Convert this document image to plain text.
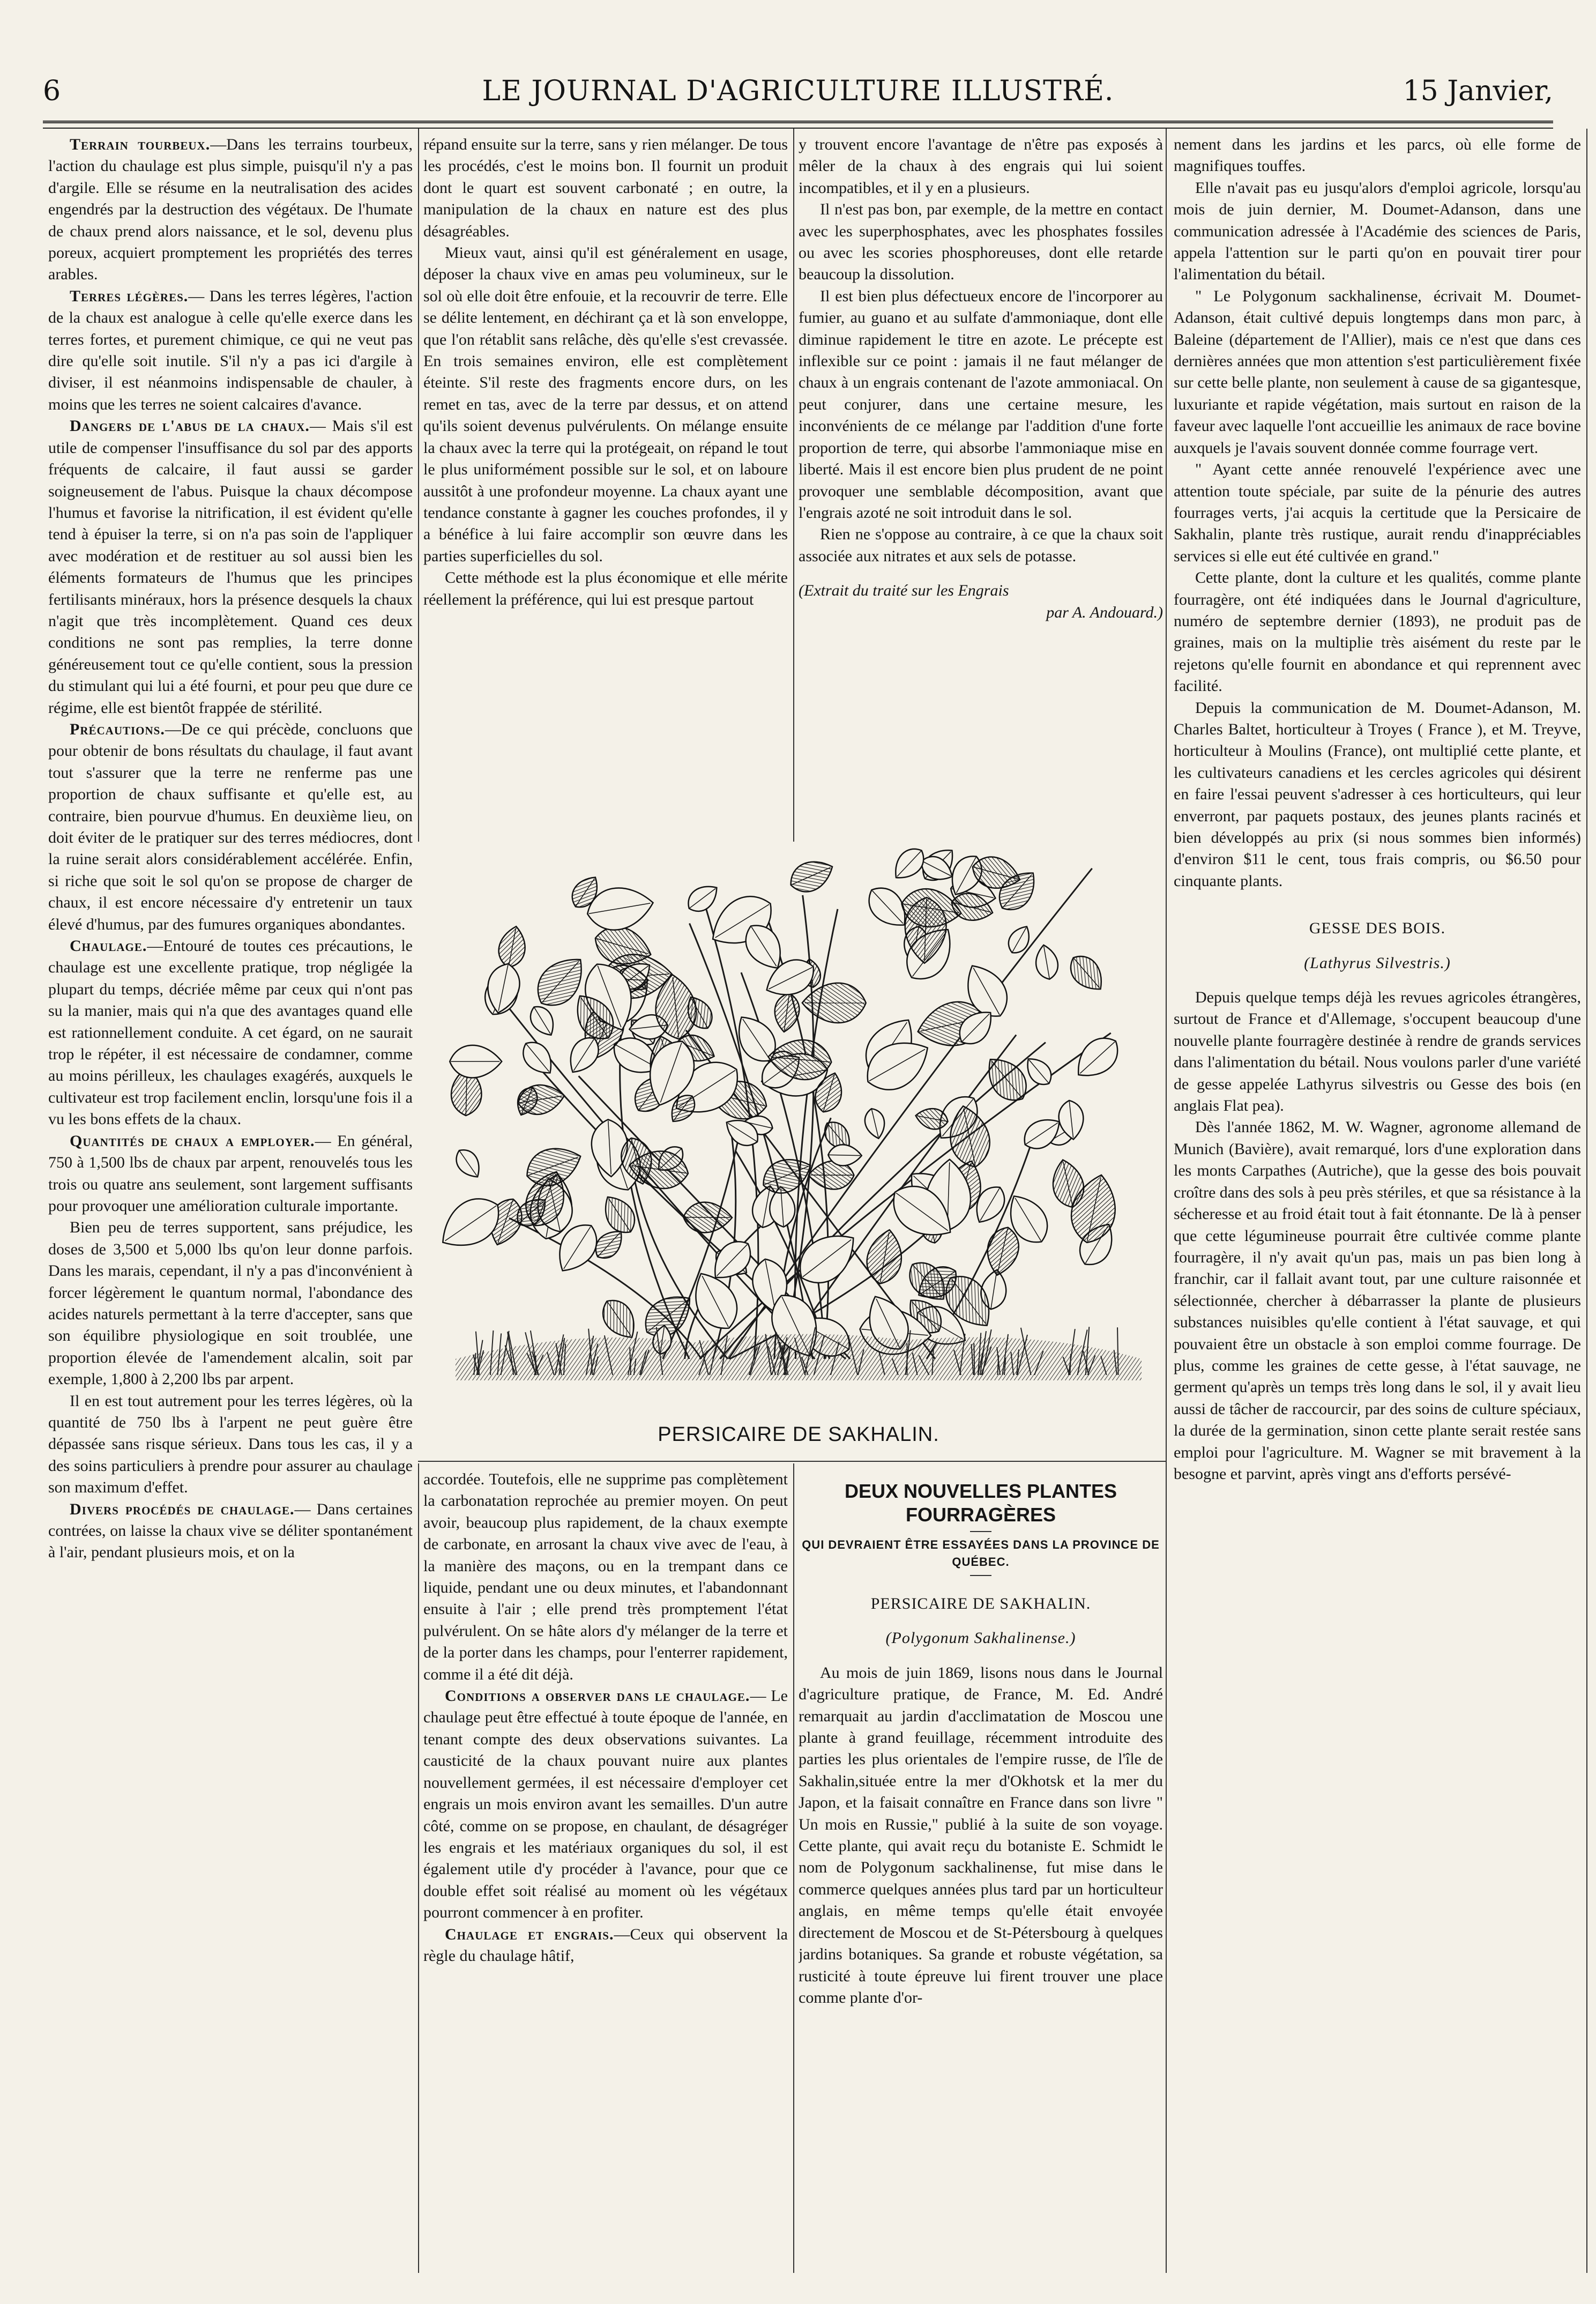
6	LE JOURNAL D'AGRICULTURE ILLUSTRÉ.	15 Janvier,

Terrain tourbeux.—Dans les terrains tourbeux, l'action du chaulage est plus simple, puisqu'il n'y a pas d'argile. Elle se résume en la neutralisation des acides engendrés par la destruction des végétaux. De l'humate de chaux prend alors naissance, et le sol, devenu plus poreux, acquiert promptement les propriétés des terres arables.

Terres légères.— Dans les terres légères, l'action de la chaux est analogue à celle qu'elle exerce dans les terres fortes, et purement chimique, ce qui ne veut pas dire qu'elle soit inutile. S'il n'y a pas ici d'argile à diviser, il est néanmoins indispensable de chauler, à moins que les terres ne soient calcaires d'avance.

Dangers de l'abus de la chaux.— Mais s'il est utile de compenser l'insuffisance du sol par des apports fréquents de calcaire, il faut aussi se garder soigneusement de l'abus. Puisque la chaux décompose l'humus et favorise la nitrification, il est évident qu'elle tend à épuiser la terre, si on n'a pas soin de l'appliquer avec modération et de restituer au sol aussi bien les éléments formateurs de l'humus que les principes fertilisants minéraux, hors la présence desquels la chaux n'agit que très incomplètement. Quand ces deux conditions ne sont pas remplies, la terre donne généreusement tout ce qu'elle contient, sous la pression du stimulant qui lui a été fourni, et pour peu que dure ce régime, elle est bientôt frappée de stérilité.

Précautions.—De ce qui précède, concluons que pour obtenir de bons résultats du chaulage, il faut avant tout s'assurer que la terre ne renferme pas une proportion de chaux suffisante et qu'elle est, au contraire, bien pourvue d'humus. En deuxième lieu, on doit éviter de le pratiquer sur des terres médiocres, dont la ruine serait alors considérablement accélérée. Enfin, si riche que soit le sol qu'on se propose de charger de chaux, il est encore nécessaire d'y entretenir un taux élevé d'humus, par des fumures organiques abondantes.

Chaulage.—Entouré de toutes ces précautions, le chaulage est une excellente pratique, trop négligée la plupart du temps, décriée même par ceux qui n'ont pas su la manier, mais qui n'a que des avantages quand elle est rationnellement conduite. A cet égard, on ne saurait trop le répéter, il est nécessaire de condamner, comme au moins périlleux, les chaulages exagérés, auxquels le cultivateur est trop facilement enclin, lorsqu'une fois il a vu les bons effets de la chaux.

Quantités de chaux a employer.— En général, 750 à 1,500 lbs de chaux par arpent, renouvelés tous les trois ou quatre ans seulement, sont largement suffisants pour provoquer une amélioration culturale importante.

Bien peu de terres supportent, sans préjudice, les doses de 3,500 et 5,000 lbs qu'on leur donne parfois. Dans les marais, cependant, il n'y a pas d'inconvénient à forcer légèrement le quantum normal, l'abondance des acides naturels permettant à la terre d'accepter, sans que son équilibre physiologique en soit troublée, une proportion élevée de l'amendement alcalin, soit par exemple, 1,800 à 2,200 lbs par arpent.

Il en est tout autrement pour les terres légères, où la quantité de 750 lbs à l'arpent ne peut guère être dépassée sans risque sérieux. Dans tous les cas, il y a des soins particuliers à prendre pour assurer au chaulage son maximum d'effet.

Divers procédés de chaulage.— Dans certaines contrées, on laisse la chaux vive se déliter spontanément à l'air, pendant plusieurs mois, et on la

répand ensuite sur la terre, sans y rien mélanger. De tous les procédés, c'est le moins bon. Il fournit un produit dont le quart est souvent carbonaté ; en outre, la manipulation de la chaux en nature est des plus désagréables.

Mieux vaut, ainsi qu'il est généralement en usage, déposer la chaux vive en amas peu volumineux, sur le sol où elle doit être enfouie, et la recouvrir de terre. Elle se délite lentement, en déchirant ça et là son enveloppe, que l'on rétablit sans relâche, dès qu'elle s'est crevassée. En trois semaines environ, elle est complètement éteinte. S'il reste des fragments encore durs, on les remet en tas, avec de la terre par dessus, et on attend qu'ils soient devenus pulvérulents. On mélange ensuite la chaux avec la terre qui la protégeait, on répand le tout le plus uniformément possible sur le sol, et on laboure aussitôt à une profondeur moyenne. La chaux ayant une tendance constante à gagner les couches profondes, il y a bénéfice à lui faire accomplir son œuvre dans les parties superficielles du sol.

Cette méthode est la plus économique et elle mérite réellement la préférence, qui lui est presque partout

y trouvent encore l'avantage de n'être pas exposés à mêler de la chaux à des engrais qui lui soient incompatibles, et il y en a plusieurs.

Il n'est pas bon, par exemple, de la mettre en contact avec les superphosphates, avec les phosphates fossiles ou avec les scories phosphoreuses, dont elle retarde beaucoup la dissolution.

Il est bien plus défectueux encore de l'incorporer au fumier, au guano et au sulfate d'ammoniaque, dont elle diminue rapidement le titre en azote. Le précepte est inflexible sur ce point : jamais il ne faut mélanger de chaux à un engrais contenant de l'azote ammoniacal. On peut conjurer, dans une certaine mesure, les inconvénients de ce mélange par l'addition d'une forte proportion de terre, qui absorbe l'ammoniaque mise en liberté. Mais il est encore bien plus prudent de ne point provoquer une semblable décomposition, avant que l'engrais azoté ne soit introduit dans le sol.

Rien ne s'oppose au contraire, à ce que la chaux soit associée aux nitrates et aux sels de potasse.

(Extrait du traité sur les Engrais

par A. Andouard.)

PERSICAIRE DE SAKHALIN.

accordée. Toutefois, elle ne supprime pas complètement la carbonatation reprochée au premier moyen. On peut avoir, beaucoup plus rapidement, de la chaux exempte de carbonate, en arrosant la chaux vive avec de l'eau, à la manière des maçons, ou en la trempant dans ce liquide, pendant une ou deux minutes, et l'abandonnant ensuite à l'air ; elle prend très promptement l'état pulvérulent. On se hâte alors d'y mélanger de la terre et de la porter dans les champs, pour l'enterrer rapidement, comme il a été dit déjà.

Conditions a observer dans le chaulage.— Le chaulage peut être effectué à toute époque de l'année, en tenant compte des deux observations suivantes. La causticité de la chaux pouvant nuire aux plantes nouvellement germées, il est nécessaire d'employer cet engrais un mois environ avant les semailles. D'un autre côté, comme on se propose, en chaulant, de désagréger les engrais et les matériaux organiques du sol, il est également utile d'y procéder à l'avance, pour que ce double effet soit réalisé au moment où les végétaux pourront commencer à en profiter.

Chaulage et engrais.—Ceux qui observent la règle du chaulage hâtif,

DEUX NOUVELLES PLANTES FOURRAGÈRES
QUI DEVRAIENT ÊTRE ESSAYÉES DANS LA PROVINCE DE QUÉBEC.
PERSICAIRE DE SAKHALIN.
(Polygonum Sakhalinense.)

Au mois de juin 1869, lisons nous dans le Journal d'agriculture pratique, de France, M. Ed. André remarquait au jardin d'acclimatation de Moscou une plante à grand feuillage, récemment introduite des parties les plus orientales de l'empire russe, de l'île de Sakhalin,située entre la mer d'Okhotsk et la mer du Japon, et la faisait connaître en France dans son livre " Un mois en Russie," publié à la suite de son voyage. Cette plante, qui avait reçu du botaniste E. Schmidt le nom de Polygonum sackhalinense, fut mise dans le commerce quelques années plus tard par un horticulteur anglais, en même temps qu'elle était envoyée directement de Moscou et de St-Pétersbourg à quelques jardins botaniques. Sa grande et robuste végétation, sa rusticité à toute épreuve lui firent trouver une place comme plante d'or-

nement dans les jardins et les parcs, où elle forme de magnifiques touffes.

Elle n'avait pas eu jusqu'alors d'emploi agricole, lorsqu'au mois de juin dernier, M. Doumet-Adanson, dans une communication adressée à l'Académie des sciences de Paris, appela l'attention sur le parti qu'on en pouvait tirer pour l'alimentation du bétail.

" Le Polygonum sackhalinense, écrivait M. Doumet-Adanson, était cultivé depuis longtemps dans mon parc, à Baleine (département de l'Allier), mais ce n'est que dans ces dernières années que mon attention s'est particulièrement fixée sur cette belle plante, non seulement à cause de sa gigantesque, luxuriante et rapide végétation, mais surtout en raison de la faveur avec laquelle l'ont accueillie les animaux de race bovine auxquels je l'avais souvent donnée comme fourrage vert.

" Ayant cette année renouvelé l'expérience avec une attention toute spéciale, par suite de la pénurie des autres fourrages verts, j'ai acquis la certitude que la Persicaire de Sakhalin, plante très rustique, aurait rendu d'inappréciables services si elle eut été cultivée en grand."

Cette plante, dont la culture et les qualités, comme plante fourragère, ont été indiquées dans le Journal d'agriculture, numéro de septembre dernier (1893), ne produit pas de graines, mais on la multiplie très aisément du reste par le rejetons qu'elle fournit en abondance et qui reprennent avec facilité.

Depuis la communication de M. Doumet-Adanson, M. Charles Baltet, horticulteur à Troyes ( France ), et M. Treyve, horticulteur à Moulins (France), ont multiplié cette plante, et les cultivateurs canadiens et les cercles agricoles qui désirent en faire l'essai peuvent s'adresser à ces horticulteurs, qui leur enverront, par paquets postaux, des jeunes plants racinés et bien développés au prix (si nous sommes bien informés) d'environ $11 le cent, tous frais compris, ou $6.50 pour cinquante plants.

GESSE DES BOIS.
(Lathyrus Silvestris.)

Depuis quelque temps déjà les revues agricoles étrangères, surtout de France et d'Allemage, s'occupent beaucoup d'une nouvelle plante fourragère destinée à rendre de grands services dans l'alimentation du bétail. Nous voulons parler d'une variété de gesse appelée Lathyrus silvestris ou Gesse des bois (en anglais Flat pea).

Dès l'année 1862, M. W. Wagner, agronome allemand de Munich (Bavière), avait remarqué, lors d'une exploration dans les monts Carpathes (Autriche), que la gesse des bois pouvait croître dans des sols à peu près stériles, et que sa résistance à la sécheresse et au froid était tout à fait étonnante. De là à penser que cette légumineuse pourrait être cultivée comme plante fourragère, il n'y avait qu'un pas, mais un pas bien long à franchir, car il fallait avant tout, par une culture raisonnée et sélectionnée, chercher à débarrasser la plante de plusieurs substances nuisibles qu'elle contient à l'état sauvage, et qui pouvaient être un obstacle à son emploi comme fourrage. De plus, comme les graines de cette gesse, à l'état sauvage, ne germent qu'après un temps très long dans le sol, il y avait lieu aussi de tâcher de raccourcir, par des soins de culture spéciaux, la durée de la germination, sinon cette plante serait restée sans emploi pour l'agriculture. M. Wagner se mit bravement à la besogne et parvint, après vingt ans d'efforts persévé-
